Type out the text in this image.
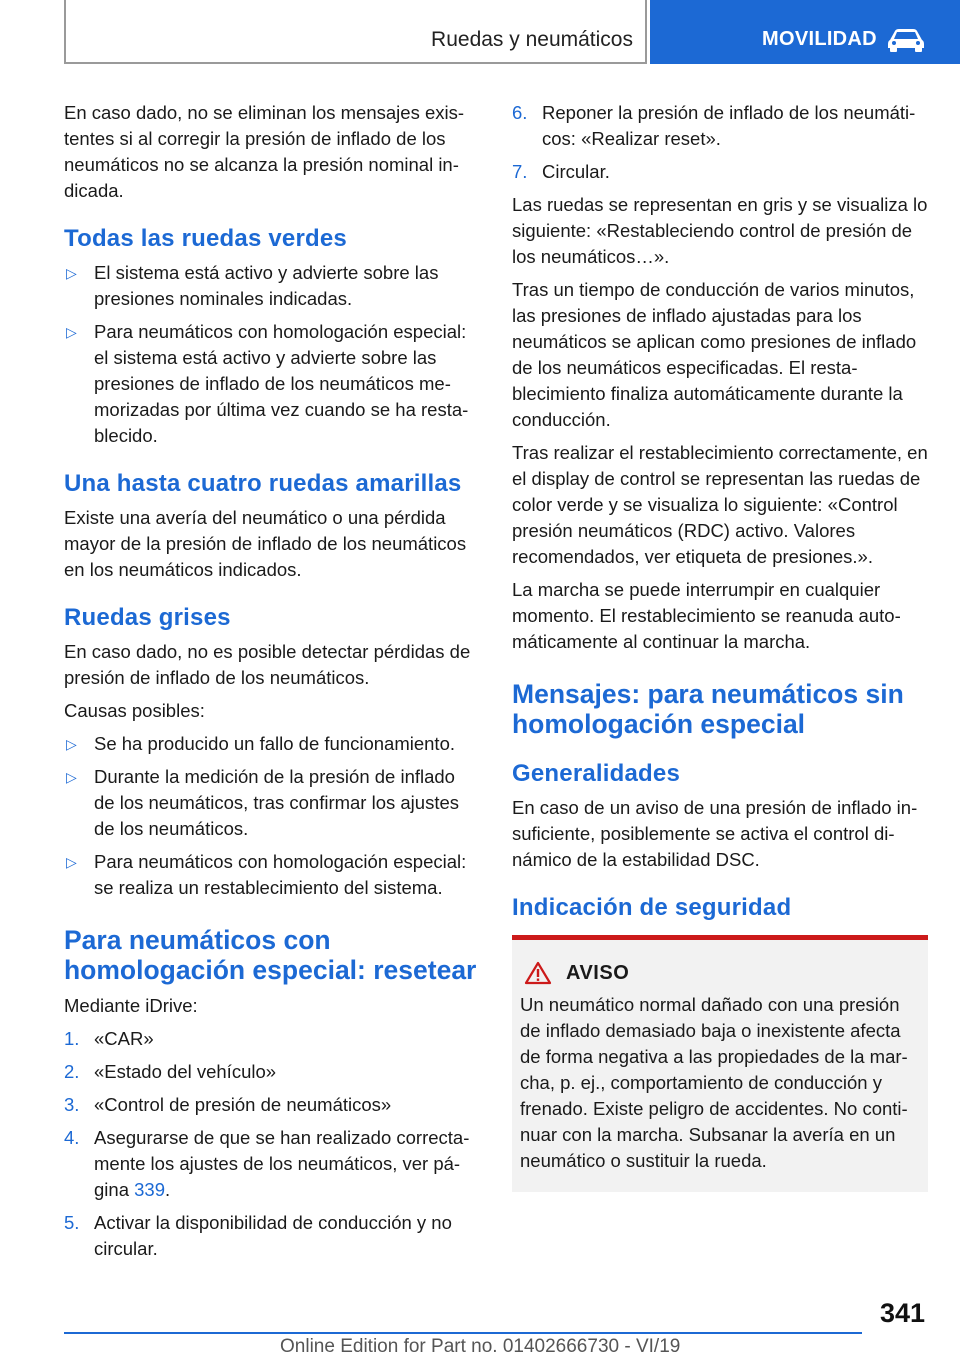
Ruedas y neumáticos	MOVILIDAD

En caso dado, no se eliminan los mensajes existentes si al corregir la presión de inflado de los neumáticos no se alcanza la presión nominal indicada.

Todas las ruedas verdes
▷ El sistema está activo y advierte sobre las presiones nominales indicadas.
▷ Para neumáticos con homologación especial: el sistema está activo y advierte sobre las presiones de inflado de los neumáticos memorizadas por última vez cuando se ha restablecido.
Una hasta cuatro ruedas amarillas

Existe una avería del neumático o una pérdida mayor de la presión de inflado de los neumáticos en los neumáticos indicados.

Ruedas grises

En caso dado, no es posible detectar pérdidas de presión de inflado de los neumáticos.

Causas posibles:

▷ Se ha producido un fallo de funcionamiento.
▷ Durante la medición de la presión de inflado de los neumáticos, tras confirmar los ajustes de los neumáticos.
▷ Para neumáticos con homologación especial: se realiza un restablecimiento del sistema.
Para neumáticos con homologación especial: resetear

Mediante iDrive:

1. «CAR»
2. «Estado del vehículo»
3. «Control de presión de neumáticos»
4. Asegurarse de que se han realizado correctamente los ajustes de los neumáticos, ver página 339.
5. Activar la disponibilidad de conducción y no circular.
6. Reponer la presión de inflado de los neumáticos: «Realizar reset».
7. Circular.

Las ruedas se representan en gris y se visualiza lo siguiente: «Restableciendo control de presión de los neumáticos…».

Tras un tiempo de conducción de varios minutos, las presiones de inflado ajustadas para los neumáticos se aplican como presiones de inflado de los neumáticos especificadas. El restablecimiento finaliza automáticamente durante la conducción.

Tras realizar el restablecimiento correctamente, en el display de control se representan las ruedas de color verde y se visualiza lo siguiente: «Control presión neumáticos (RDC) activo. Valores recomendados, ver etiqueta de presiones.».

La marcha se puede interrumpir en cualquier momento. El restablecimiento se reanuda automáticamente al continuar la marcha.

Mensajes: para neumáticos sin homologación especial
Generalidades

En caso de un aviso de una presión de inflado insuficiente, posiblemente se activa el control dinámico de la estabilidad DSC.

Indicación de seguridad
AVISO
Un neumático normal dañado con una presión de inflado demasiado baja o inexistente afecta de forma negativa a las propiedades de la marcha, p. ej., comportamiento de conducción y frenado. Existe peligro de accidentes. No continuar con la marcha. Subsanar la avería en un neumático o sustituir la rueda.
341
Online Edition for Part no. 01402666730 - VI/19
